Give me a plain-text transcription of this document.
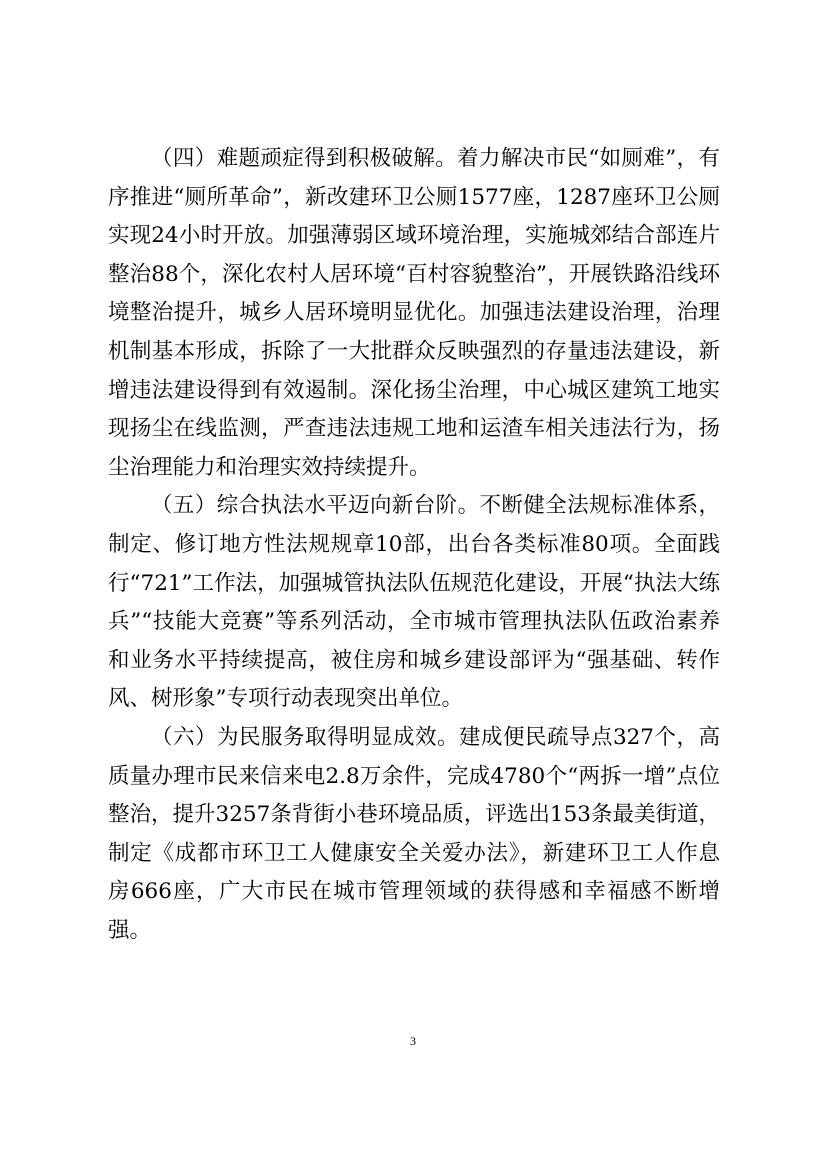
（四）难题顽症得到积极破解。着力解决市民“如厕难”，有序推进“厕所革命”，新改建环卫公厕1577座，1287座环卫公厕实现24小时开放。加强薄弱区域环境治理，实施城郊结合部连片整治88个，深化农村人居环境“百村容貌整治”，开展铁路沿线环境整治提升，城乡人居环境明显优化。加强违法建设治理，治理机制基本形成，拆除了一大批群众反映强烈的存量违法建设，新增违法建设得到有效遏制。深化扬尘治理，中心城区建筑工地实现扬尘在线监测，严查违法违规工地和运渣车相关违法行为，扬尘治理能力和治理实效持续提升。

（五）综合执法水平迈向新台阶。不断健全法规标准体系，制定、修订地方性法规规章10部，出台各类标准80项。全面践行“721”工作法，加强城管执法队伍规范化建设，开展“执法大练兵”“技能大竞赛”等系列活动，全市城市管理执法队伍政治素养和业务水平持续提高，被住房和城乡建设部评为“强基础、转作风、树形象”专项行动表现突出单位。

（六）为民服务取得明显成效。建成便民疏导点327个，高质量办理市民来信来电2.8万余件，完成4780个“两拆一增”点位整治，提升3257条背街小巷环境品质，评选出153条最美街道，制定《成都市环卫工人健康安全关爱办法》，新建环卫工人作息房666座，广大市民在城市管理领域的获得感和幸福感不断增强。

3
